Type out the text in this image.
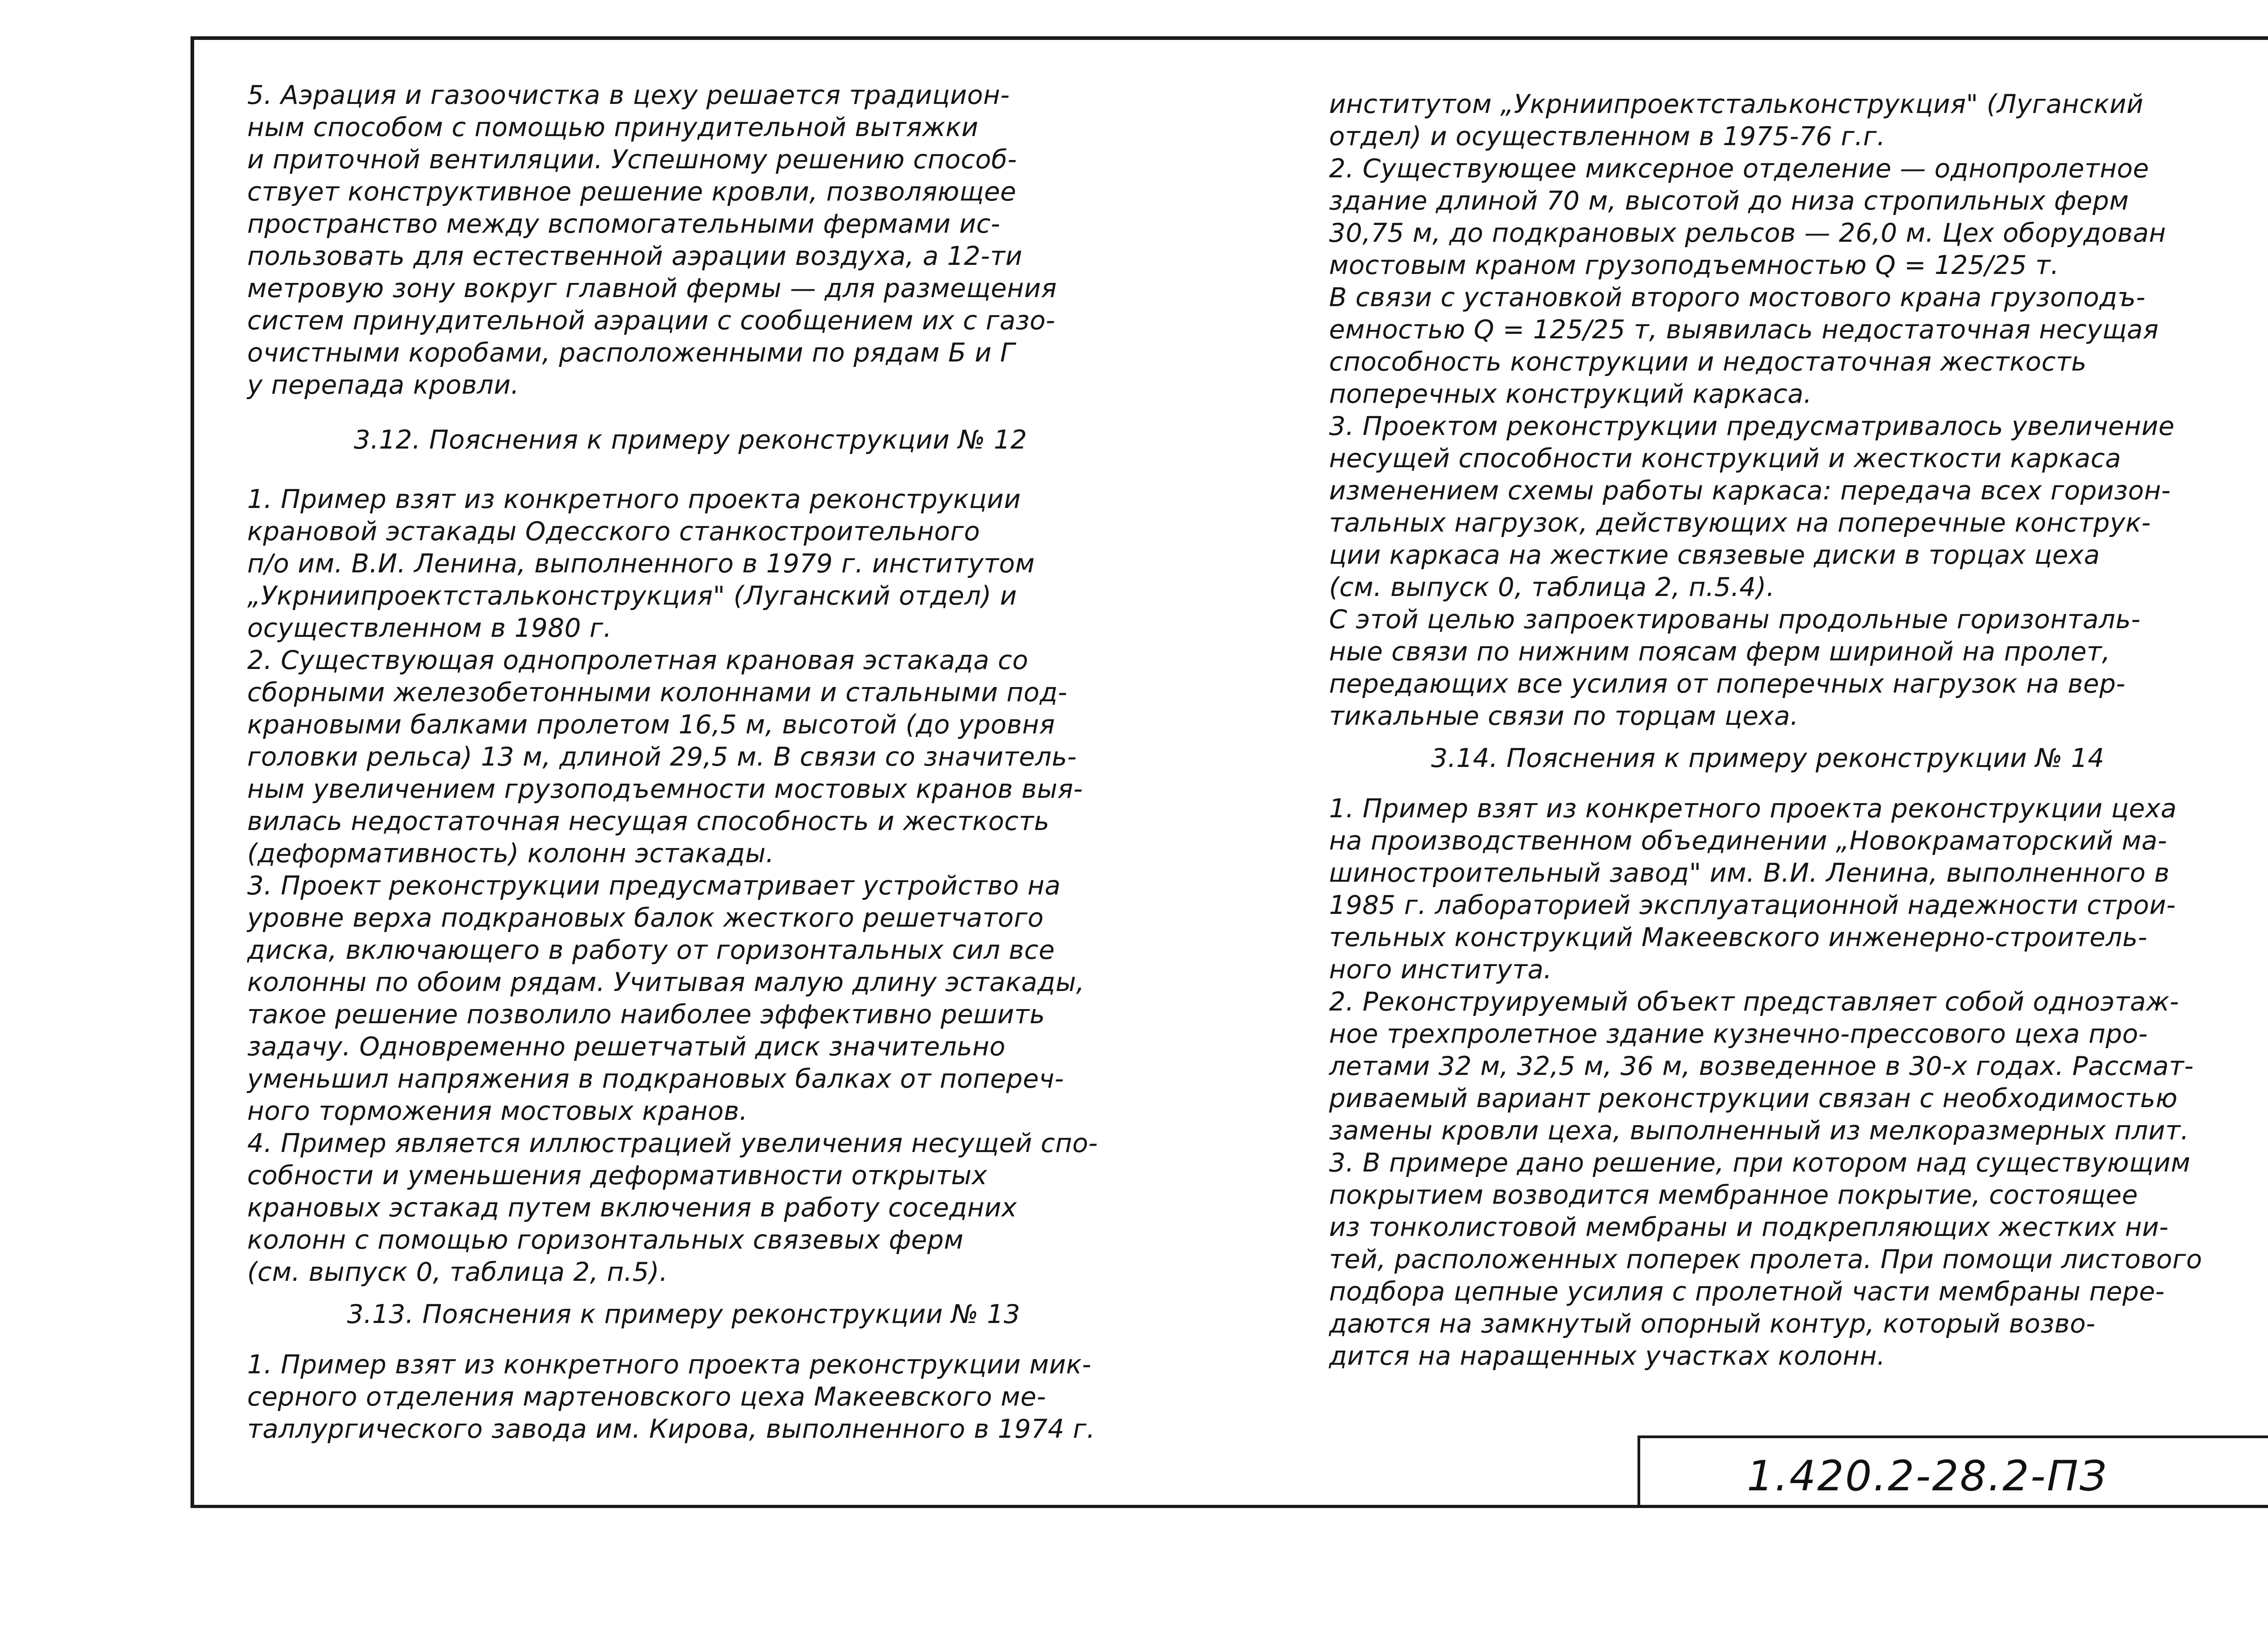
5. Аэрация и газоочистка в цеху решается традицион-
ным способом с помощью принудительной вытяжки
и приточной вентиляции. Успешному решению способ-
ствует конструктивное решение кровли, позволяющее
пространство между вспомогательными фермами ис-
пользовать для естественной аэрации воздуха, а 12-ти
метровую зону вокруг главной фермы — для размещения
систем принудительной аэрации с сообщением их с газо-
очистными коробами, расположенными по рядам Б и Г
у перепада кровли.

3.12. Пояснения к примеру реконструкции № 12

1. Пример взят из конкретного проекта реконструкции
крановой эстакады Одесского станкостроительного
п/о им. В.И. Ленина, выполненного в 1979 г. институтом
„Укрниипроектстальконструкция" (Луганский отдел) и
осуществленном в 1980 г.

2. Существующая однопролетная крановая эстакада со
сборными железобетонными колоннами и стальными под-
крановыми балками пролетом 16,5 м, высотой (до уровня
головки рельса) 13 м, длиной 29,5 м. В связи со значитель-
ным увеличением грузоподъемности мостовых кранов выя-
вилась недостаточная несущая способность и жесткость
(деформативность) колонн эстакады.

3. Проект реконструкции предусматривает устройство на
уровне верха подкрановых балок жесткого решетчатого
диска, включающего в работу от горизонтальных сил все
колонны по обоим рядам. Учитывая малую длину эстакады,
такое решение позволило наиболее эффективно решить
задачу. Одновременно решетчатый диск значительно
уменьшил напряжения в подкрановых балках от попереч-
ного торможения мостовых кранов.

4. Пример является иллюстрацией увеличения несущей спо-
собности и уменьшения деформативности открытых
крановых эстакад путем включения в работу соседних
колонн с помощью горизонтальных связевых ферм
(см. выпуск 0, таблица 2, п.5).

3.13. Пояснения к примеру реконструкции № 13

1. Пример взят из конкретного проекта реконструкции мик-
серного отделения мартеновского цеха Макеевского ме-
таллургического завода им. Кирова, выполненного в 1974 г.

институтом „Укрниипроектстальконструкция" (Луганский
отдел) и осуществленном в 1975-76 г.г.

2. Существующее миксерное отделение — однопролетное
здание длиной 70 м, высотой до низа стропильных ферм
30,75 м, до подкрановых рельсов — 26,0 м. Цех оборудован
мостовым краном грузоподъемностью Q = 125/25 т.
В связи с установкой второго мостового крана грузоподъ-
емностью Q = 125/25 т, выявилась недостаточная несущая
способность конструкции и недостаточная жесткость
поперечных конструкций каркаса.

3. Проектом реконструкции предусматривалось увеличение
несущей способности конструкций и жесткости каркаса
изменением схемы работы каркаса: передача всех горизон-
тальных нагрузок, действующих на поперечные конструк-
ции каркаса на жесткие связевые диски в торцах цеха
(см. выпуск 0, таблица 2, п.5.4).
С этой целью запроектированы продольные горизонталь-
ные связи по нижним поясам ферм шириной на пролет,
передающих все усилия от поперечных нагрузок на вер-
тикальные связи по торцам цеха.

3.14. Пояснения к примеру реконструкции № 14

1. Пример взят из конкретного проекта реконструкции цеха
на производственном объединении „Новокраматорский ма-
шиностроительный завод" им. В.И. Ленина, выполненного в
1985 г. лабораторией эксплуатационной надежности строи-
тельных конструкций Макеевского инженерно-строитель-
ного института.

2. Реконструируемый объект представляет собой одноэтаж-
ное трехпролетное здание кузнечно-прессового цеха про-
летами 32 м, 32,5 м, 36 м, возведенное в 30-х годах. Рассмат-
риваемый вариант реконструкции связан с необходимостью
замены кровли цеха, выполненный из мелкоразмерных плит.

3. В примере дано решение, при котором над существующим
покрытием возводится мембранное покрытие, состоящее
из тонколистовой мембраны и подкрепляющих жестких ни-
тей, расположенных поперек пролета. При помощи листового
подбора цепные усилия с пролетной части мембраны пере-
даются на замкнутый опорный контур, который возво-
дится на наращенных участках колонн.

1.420.2-28.2-ПЗ
